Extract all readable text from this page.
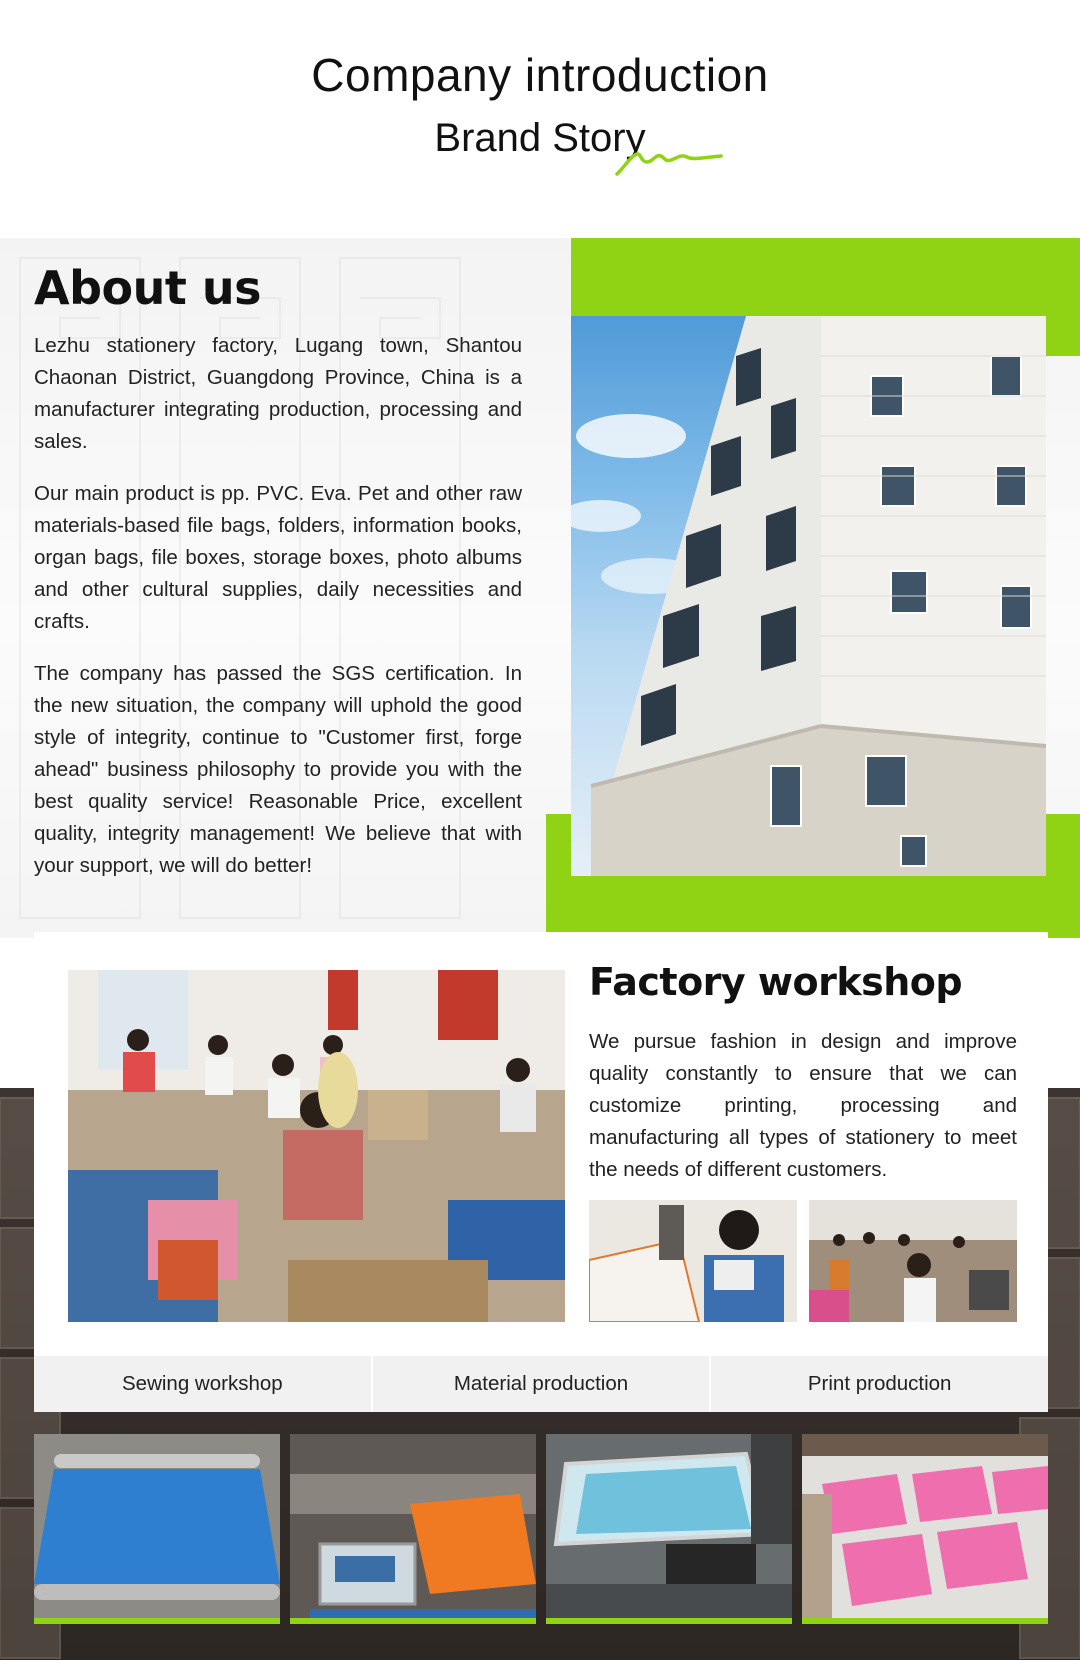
Company introduction
Brand Story
About us

Lezhu stationery factory, Lugang town, Shantou Chaonan District, Guangdong Province, China is a manufacturer integrating production, processing and sales.

Our main product is pp. PVC. Eva. Pet and other raw materials-based file bags, folders, information books, organ bags, file boxes, storage boxes, photo albums and other cultural supplies, daily necessities and crafts.

The company has passed the SGS certification. In the new situation, the company will uphold the good style of integrity, continue to "Customer first, forge ahead" business philosophy to provide you with the best quality service! Reasonable Price, excellent quality, integrity management! We believe that with your support, we will do better!

Factory workshop

We pursue fashion in design and improve quality constantly to ensure that we can customize printing, processing and manufacturing all types of stationery to meet the needs of different customers.

Sewing workshop	Material production	Print production
